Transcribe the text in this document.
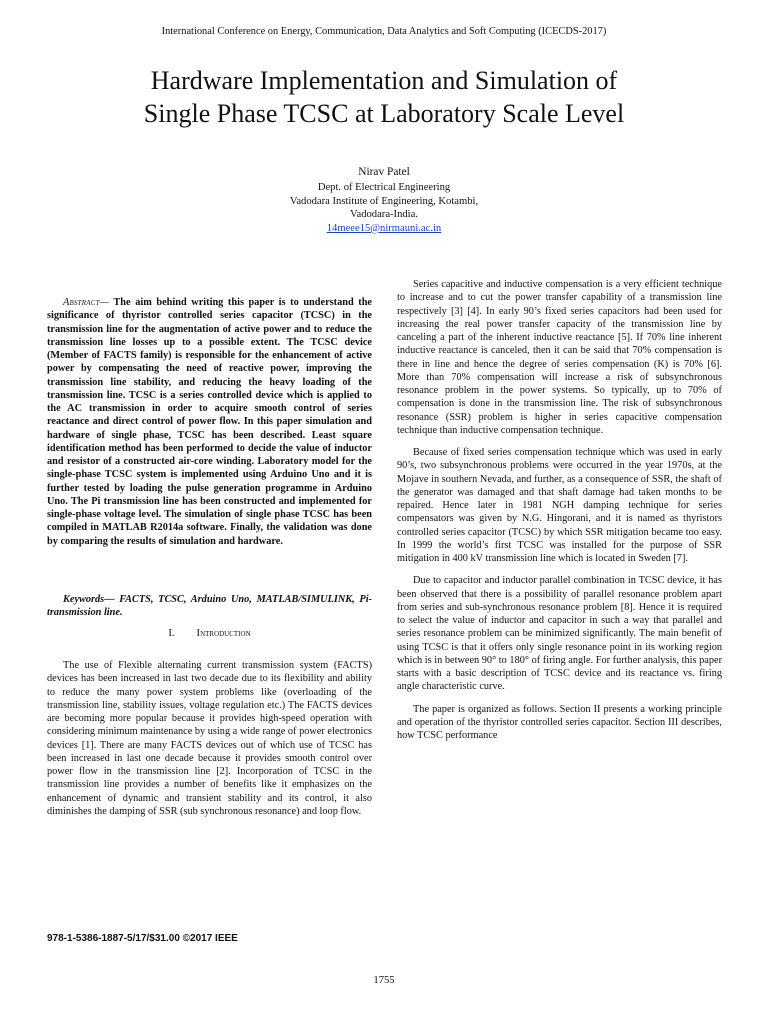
International Conference on Energy, Communication, Data Analytics and Soft Computing (ICECDS-2017)
Hardware Implementation and Simulation of
Single Phase TCSC at Laboratory Scale Level
Nirav Patel
Dept. of Electrical Engineering
Vadodara Institute of Engineering, Kotambi,
Vadodara-India.
14meee15@nirmauni.ac.in
Abstract— The aim behind writing this paper is to understand the significance of thyristor controlled series capacitor (TCSC) in the transmission line for the augmentation of active power and to reduce the transmission line losses up to a possible extent. The TCSC device (Member of FACTS family) is responsible for the enhancement of active power by compensating the need of reactive power, improving the transmission line stability, and reducing the heavy loading of the transmission line. TCSC is a series controlled device which is applied to the AC transmission in order to acquire smooth control of series reactance and direct control of power flow. In this paper simulation and hardware of single phase, TCSC has been described. Least square identification method has been performed to decide the value of inductor and resistor of a constructed air-core winding. Laboratory model for the single-phase TCSC system is implemented using Arduino Uno and it is further tested by loading the pulse generation programme in Arduino Uno. The Pi transmission line has been constructed and implemented for single-phase voltage level. The simulation of single phase TCSC has been compiled in MATLAB R2014a software. Finally, the validation was done by comparing the results of simulation and hardware.
Keywords— FACTS, TCSC, Arduino Uno, MATLAB/SIMULINK, Pi-transmission line.
I. Introduction

The use of Flexible alternating current transmission system (FACTS) devices has been increased in last two decade due to its flexibility and ability to reduce the many power system problems like (overloading of the transmission line, stability issues, voltage regulation etc.) The FACTS devices are becoming more popular because it provides high-speed operation with considering minimum maintenance by using a wide range of power electronics devices [1]. There are many FACTS devices out of which use of TCSC has been increased in last one decade because it provides smooth control over power flow in the transmission line [2]. Incorporation of TCSC in the transmission line provides a number of benefits like it emphasizes on the enhancement of dynamic and transient stability and its control, it also diminishes the damping of SSR (sub synchronous resonance) and loop flow.

Series capacitive and inductive compensation is a very efficient technique to increase and to cut the power transfer capability of a transmission line respectively [3] [4]. In early 90’s fixed series capacitors had been used for increasing the real power transfer capacity of the transmission line by canceling a part of the inherent inductive reactance [5]. If 70% line inherent inductive reactance is canceled, then it can be said that 70% compensation is there in line and hence the degree of series compensation (K) is 70% [6]. More than 70% compensation will increase a risk of subsynchronous resonance problem in the power systems. So typically, up to 70% of compensation is done in the transmission line. The risk of subsynchronous resonance (SSR) problem is higher in series capacitive compensation technique than inductive compensation technique.

Because of fixed series compensation technique which was used in early 90’s, two subsynchronous problems were occurred in the year 1970s, at the Mojave in southern Nevada, and further, as a consequence of SSR, the shaft of the generator was damaged and that shaft damage had taken months to be repaired. Hence later in 1981 NGH damping technique for series compensators was given by N.G. Hingorani, and it is named as thyristors controlled series capacitor (TCSC) by which SSR mitigation became too easy. In 1999 the world’s first TCSC was installed for the purpose of SSR mitigation in 400 kV transmission line which is located in Sweden [7].

Due to capacitor and inductor parallel combination in TCSC device, it has been observed that there is a possibility of parallel resonance problem apart from series and sub-synchronous resonance problem [8]. Hence it is required to select the value of inductor and capacitor in such a way that parallel and series resonance problem can be minimized significantly. The main benefit of using TCSC is that it offers only single resonance point in its working region which is in between 90° to 180° of firing angle. For further analysis, this paper starts with a basic description of TCSC device and its reactance vs. firing angle characteristic curve.

The paper is organized as follows. Section II presents a working principle and operation of the thyristor controlled series capacitor. Section III describes, how TCSC performance

978-1-5386-1887-5/17/$31.00 ©2017 IEEE
1755
